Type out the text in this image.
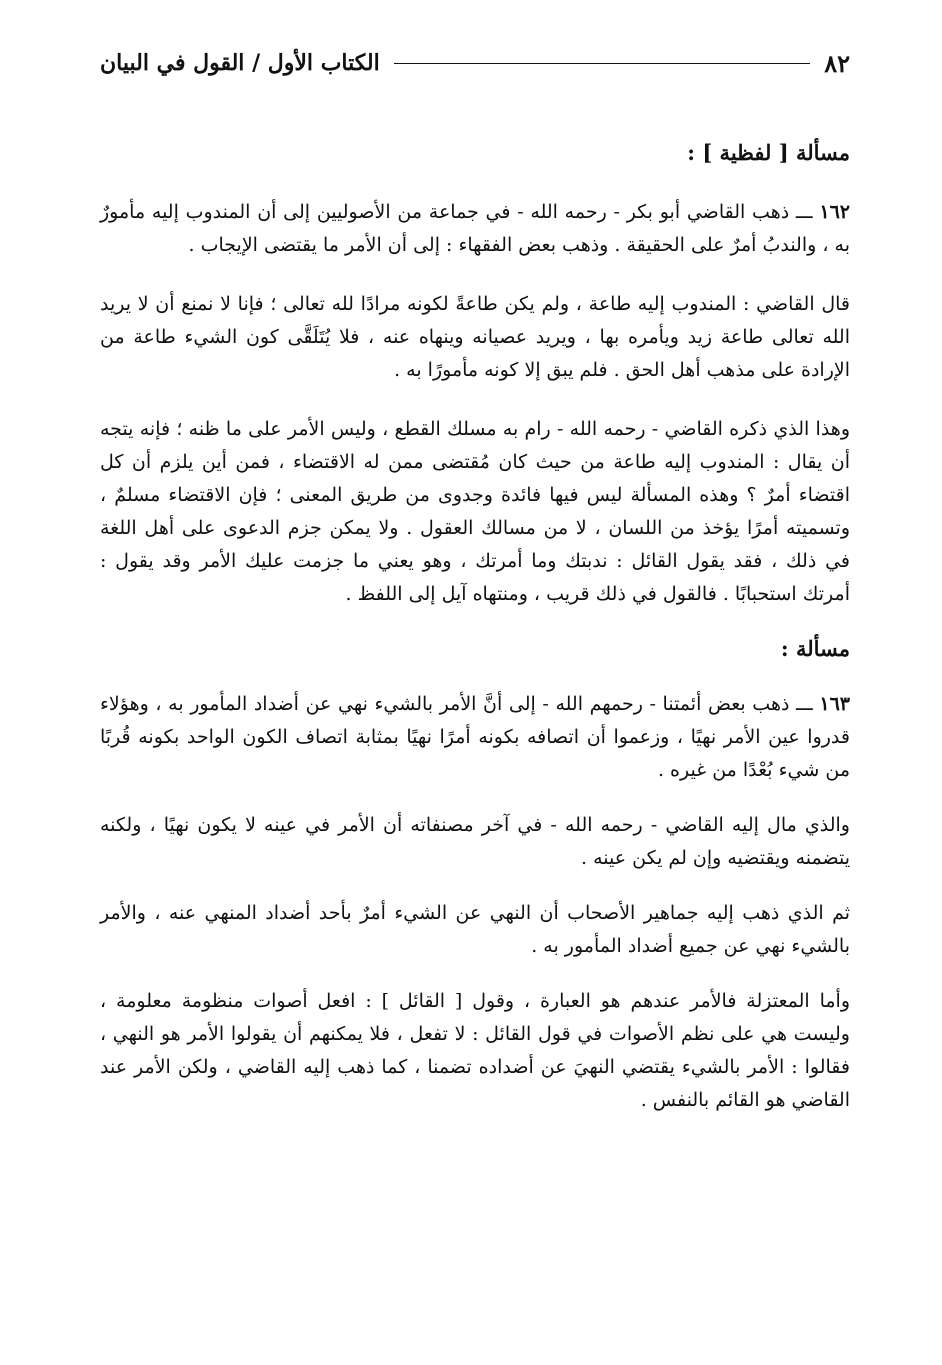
٨٢
الكتاب الأول / القول في البيان
مسألة [ لفظية ] :

١٦٢ ـــ ذهب القاضي أبو بكر - رحمه الله - في جماعة من الأصوليين إلى أن المندوب إليه مأمورٌ به ، والندبُ أمرٌ على الحقيقة . وذهب بعض الفقهاء : إلى أن الأمر ما يقتضى الإيجاب .

قال القاضي : المندوب إليه طاعة ، ولم يكن طاعةً لكونه مرادًا لله تعالى ؛ فإنا لا نمنع أن لا يريد الله تعالى طاعة زيد ويأمره بها ، ويريد عصيانه وينهاه عنه ، فلا يُتَلَقَّى كون الشيء طاعة من الإرادة على مذهب أهل الحق . فلم يبق إلا كونه مأمورًا به .

وهذا الذي ذكره القاضي - رحمه الله - رام به مسلك القطع ، وليس الأمر على ما ظنه ؛ فإنه يتجه أن يقال : المندوب إليه طاعة من حيث كان مُقتضى ممن له الاقتضاء ، فمن أين يلزم أن كل اقتضاء أمرٌ ؟ وهذه المسألة ليس فيها فائدة وجدوى من طريق المعنى ؛ فإن الاقتضاء مسلمٌ ، وتسميته أمرًا يؤخذ من اللسان ، لا من مسالك العقول . ولا يمكن جزم الدعوى على أهل اللغة في ذلك ، فقد يقول القائل : ندبتك وما أمرتك ، وهو يعني ما جزمت عليك الأمر وقد يقول : أمرتك استحبابًا . فالقول في ذلك قريب ، ومنتهاه آيل إلى اللفظ .

مسألة :

١٦٣ ـــ ذهب بعض أئمتنا - رحمهم الله - إلى أنَّ الأمر بالشيء نهي عن أضداد المأمور به ، وهؤلاء قدروا عين الأمر نهيًا ، وزعموا أن اتصافه بكونه أمرًا نهيًا بمثابة اتصاف الكون الواحد بكونه قُربًا من شيء بُعْدًا من غيره .

والذي مال إليه القاضي - رحمه الله - في آخر مصنفاته أن الأمر في عينه لا يكون نهيًا ، ولكنه يتضمنه ويقتضيه وإن لم يكن عينه .

ثم الذي ذهب إليه جماهير الأصحاب أن النهي عن الشيء أمرٌ بأحد أضداد المنهي عنه ، والأمر بالشيء نهي عن جميع أضداد المأمور به .

وأما المعتزلة فالأمر عندهم هو العبارة ، وقول [ القائل ] : افعل أصوات منظومة معلومة ، وليست هي على نظم الأصوات في قول القائل : لا تفعل ، فلا يمكنهم أن يقولوا الأمر هو النهي ، فقالوا : الأمر بالشيء يقتضي النهيَ عن أضداده تضمنا ، كما ذهب إليه القاضي ، ولكن الأمر عند القاضي هو القائم بالنفس .
